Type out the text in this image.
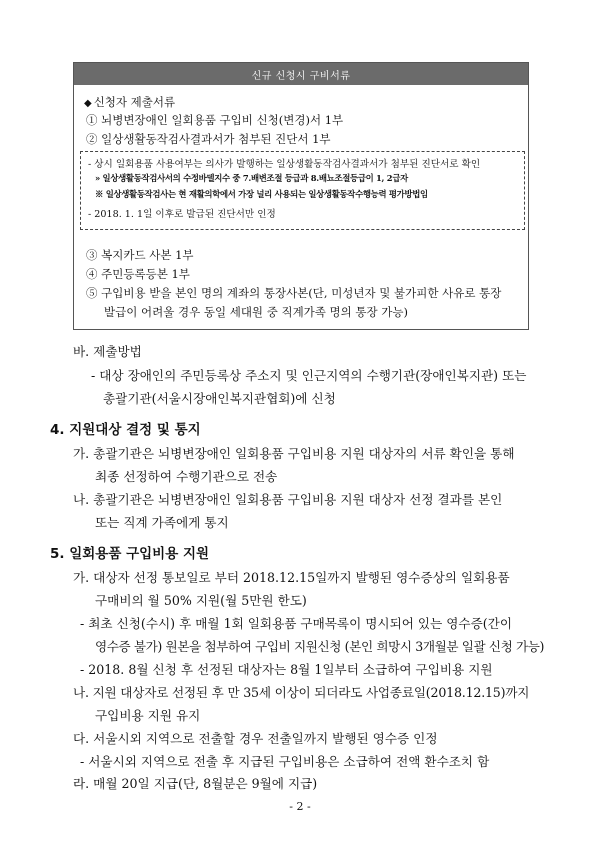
신규 신청시 구비서류
◆ 신청자 제출서류
① 뇌병변장애인 일회용품 구입비 신청(변경)서 1부
② 일상생활동작검사결과서가 첨부된 진단서 1부
③ 복지카드 사본 1부
④ 주민등록등본 1부
⑤ 구입비용 받을 본인 명의 계좌의 통장사본(단, 미성년자 및 불가피한 사유로 통장
발급이 어려울 경우 동일 세대원 중 직계가족 명의 통장 가능)
- 상시 일회용품 사용여부는 의사가 발행하는 일상생활동작검사결과서가 첨부된 진단서로 확인
» 일상생활동작검사서의 수정바델지수 중 7.배변조절 등급과 8.배뇨조절등급이 1, 2급자
※ 일상생활동작검사는 현 재활의학에서 가장 널리 사용되는 일상생활동작수행능력 평가방법임
- 2018. 1. 1일 이후로 발급된 진단서만 인정
바. 제출방법
- 대상 장애인의 주민등록상 주소지 및 인근지역의 수행기관(장애인복지관) 또는
총괄기관(서울시장애인복지관협회)에 신청
4. 지원대상 결정 및 통지
가. 총괄기관은 뇌병변장애인 일회용품 구입비용 지원 대상자의 서류 확인을 통해
최종 선정하여 수행기관으로 전송
나. 총괄기관은 뇌병변장애인 일회용품 구입비용 지원 대상자 선정 결과를 본인
또는 직계 가족에게 통지
5. 일회용품 구입비용 지원
가. 대상자 선정 통보일로 부터 2018.12.15일까지 발행된 영수증상의 일회용품
구매비의 월 50% 지원(월 5만원 한도)
- 최초 신청(수시) 후 매월 1회 일회용품 구매목록이 명시되어 있는 영수증(간이
영수증 불가) 원본을 첨부하여 구입비 지원신청 (본인 희망시 3개월분 일괄 신청 가능)
- 2018. 8월 신청 후 선정된 대상자는 8월 1일부터 소급하여 구입비용 지원
나. 지원 대상자로 선정된 후 만 35세 이상이 되더라도 사업종료일(2018.12.15)까지
구입비용 지원 유지
다. 서울시외 지역으로 전출할 경우 전출일까지 발행된 영수증 인정
- 서울시외 지역으로 전출 후 지급된 구입비용은 소급하여 전액 환수조치 함
라. 매월 20일 지급(단, 8월분은 9월에 지급)
- 2 -
